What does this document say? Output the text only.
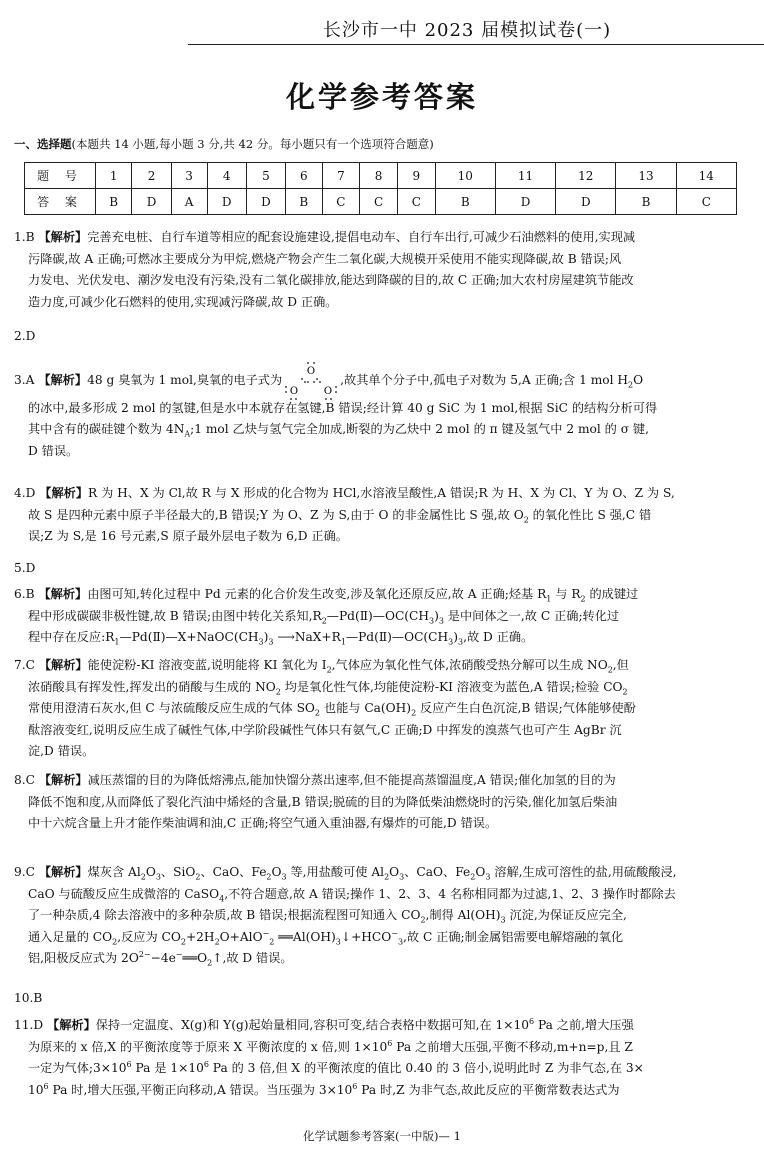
长沙市一中 2023 届模拟试卷(一)
化学参考答案
一、选择题(本题共 14 小题,每小题 3 分,共 42 分。每小题只有一个选项符合题意)
题 号	1	2	3	4	5	6	7	8	9	10	11	12	13	14
答 案	B	D	A	D	D	B	C	C	C	B	D	D	B	C
1.B 【解析】完善充电桩、自行车道等相应的配套设施建设,提倡电动车、自行车出行,可减少石油燃料的使用,实现减
污降碳,故 A 正确;可燃冰主要成分为甲烷,燃烧产物会产生二氧化碳,大规模开采使用不能实现降碳,故 B 错误;风
力发电、光伏发电、潮汐发电没有污染,没有二氧化碳排放,能达到降碳的目的,故 C 正确;加大农村房屋建筑节能改
造力度,可减少化石燃料的使用,实现减污降碳,故 D 正确。
2.D
3.A 【解析】48 g 臭氧为 1 mol,臭氧的电子式为
O
O	O
,故其单个分子中,孤电子对数为 5,A 正确;含 1 mol $H_2O$
的冰中,最多形成 2 mol 的氢键,但是水中本就存在氢键,B 错误;经计算 40 g SiC 为 1 mol,根据 SiC 的结构分析可得
其中含有的碳硅键个数为 $4N_A;1$ mol 乙炔与氢气完全加成,断裂的为乙炔中 2 mol 的 π 键及氢气中 2 mol 的 σ 键,
D 错误。
4.D 【解析】R 为 H、X 为 Cl,故 R 与 X 形成的化合物为 HCl,水溶液呈酸性,A 错误;R 为 H、X 为 Cl、Y 为 O、Z 为 S,
故 S 是四种元素中原子半径最大的,B 错误;Y 为 O、Z 为 S,由于 O 的非金属性比 S 强,故 $O_2$ 的氧化性比 S 强,C 错
误;Z 为 S,是 16 号元素,S 原子最外层电子数为 6,D 正确。
5.D
6.B 【解析】由图可知,转化过程中 Pd 元素的化合价发生改变,涉及氧化还原反应,故 A 正确;烃基 $R_1$ 与 $R_2$ 的成键过
程中形成碳碳非极性键,故 B 错误;由图中转化关系知$,R_2—Pd(Ⅱ)—OC(CH_3)_3$ 是中间体之一,故 C 正确;转化过
程中存在反应$:R_1—Pd(Ⅱ)—X+NaOC(CH_3)_3$ $⟶NaX+R_1—Pd(Ⅱ)—OC(CH_3)_3$,故 D 正确。
7.C 【解析】能使淀粉-KI 溶液变蓝,说明能将 KI 氧化为 $I_2$,气体应为氧化性气体,浓硝酸受热分解可以生成 $NO_2$,但
浓硝酸具有挥发性,挥发出的硝酸与生成的 $NO_2$ 均是氧化性气体,均能使淀粉-KI 溶液变为蓝色,A 错误;检验 $CO_2$
常使用澄清石灰水,但 C 与浓硫酸反应生成的气体 $SO_2$ 也能与 $Ca(OH)_2$ 反应产生白色沉淀,B 错误;气体能够使酚
酞溶液变红,说明反应生成了碱性气体,中学阶段碱性气体只有氨气,C 正确;D 中挥发的溴蒸气也可产生 AgBr 沉
淀,D 错误。
8.C 【解析】减压蒸馏的目的为降低熔沸点,能加快馏分蒸出速率,但不能提高蒸馏温度,A 错误;催化加氢的目的为
降低不饱和度,从而降低了裂化汽油中烯烃的含量,B 错误;脱硫的目的为降低柴油燃烧时的污染,催化加氢后柴油
中十六烷含量上升才能作柴油调和油,C 正确;将空气通入重油器,有爆炸的可能,D 错误。
9.C 【解析】煤灰含 $Al_2O_3$、SiO$_2$、CaO、$Fe_2O_3$ 等,用盐酸可使 $Al_2O_3$、CaO、$Fe_2O_3$ 溶解,生成可溶性的盐,用硫酸酸浸,
CaO 与硫酸反应生成微溶的 CaSO$_4$,不符合题意,故 A 错误;操作 1、2、3、4 名称相同都为过滤,1、2、3 操作时都除去
了一种杂质,4 除去溶液中的多种杂质,故 B 错误;根据流程图可知通入 $CO_2$,制得 $Al(OH)_3$ 沉淀,为保证反应完全,
通入足量的 $CO_2$,反应为 $CO_2+2H_2O+AlO^-_2$ $══Al(OH)_3↓+HCO^-_3$,故 C 正确;制金属铝需要电解熔融的氧化
铝,阳极反应式为 $2O^{2-}-4e^-══O_2↑$,故 D 错误。
10.B
11.D 【解析】保持一定温度、X(g)和 Y(g)起始量相同,容积可变,结合表格中数据可知,在 $1\times 10^6$ Pa 之前,增大压强
为原来的 x 倍,X 的平衡浓度等于原来 X 平衡浓度的 x 倍,则 $1\times 10^6$ Pa 之前增大压强,平衡不移动,m+n=p,且 Z
一定为气体$;3\times 10^6$ Pa 是 $1\times 10^6$ Pa 的 3 倍,但 X 的平衡浓度的值比 0.40 的 3 倍小,说明此时 Z 为非气态,在 3×
$10^6$ Pa 时,增大压强,平衡正向移动,A 错误。当压强为 $3\times 10^6$ Pa 时,Z 为非气态,故此反应的平衡常数表达式为
化学试题参考答案(一中版)— 1
